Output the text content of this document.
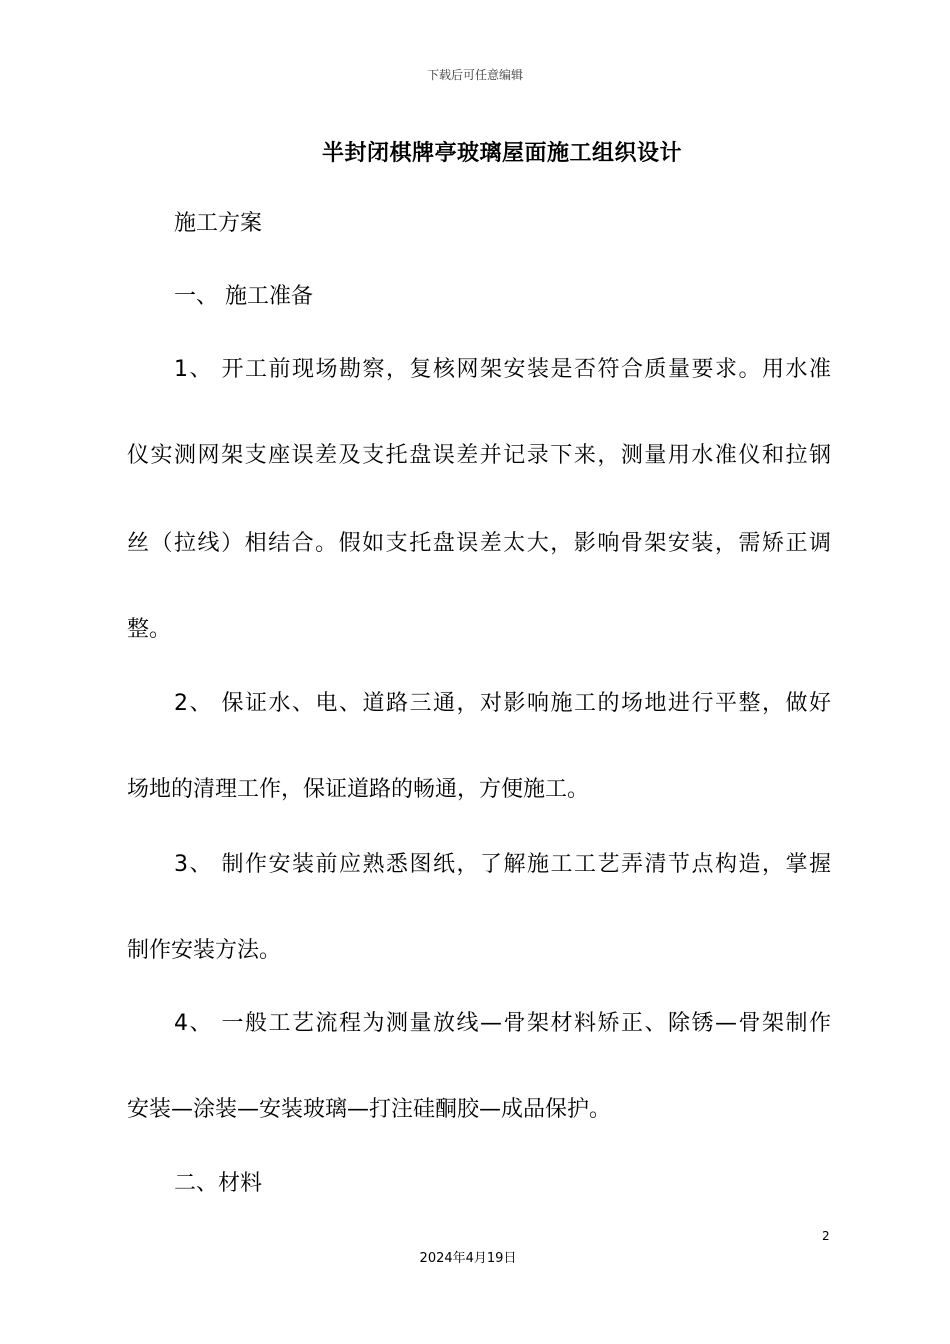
下载后可任意编辑
半封闭棋牌亭玻璃屋面施工组织设计
施工方案
一、 施工准备
1、 开工前现场勘察，复核网架安装是否符合质量要求。用水准
仪实测网架支座误差及支托盘误差并记录下来，测量用水准仪和拉钢
丝（拉线）相结合。假如支托盘误差太大，影响骨架安装，需矫正调
整。
2、 保证水、电、道路三通，对影响施工的场地进行平整，做好
场地的清理工作，保证道路的畅通，方便施工。
3、 制作安装前应熟悉图纸，了解施工工艺弄清节点构造，掌握
制作安装方法。
4、 一般工艺流程为测量放线—骨架材料矫正、除锈—骨架制作
安装—涂装—安装玻璃—打注硅酮胶—成品保护。
二、材料
2
2024年4月19日
